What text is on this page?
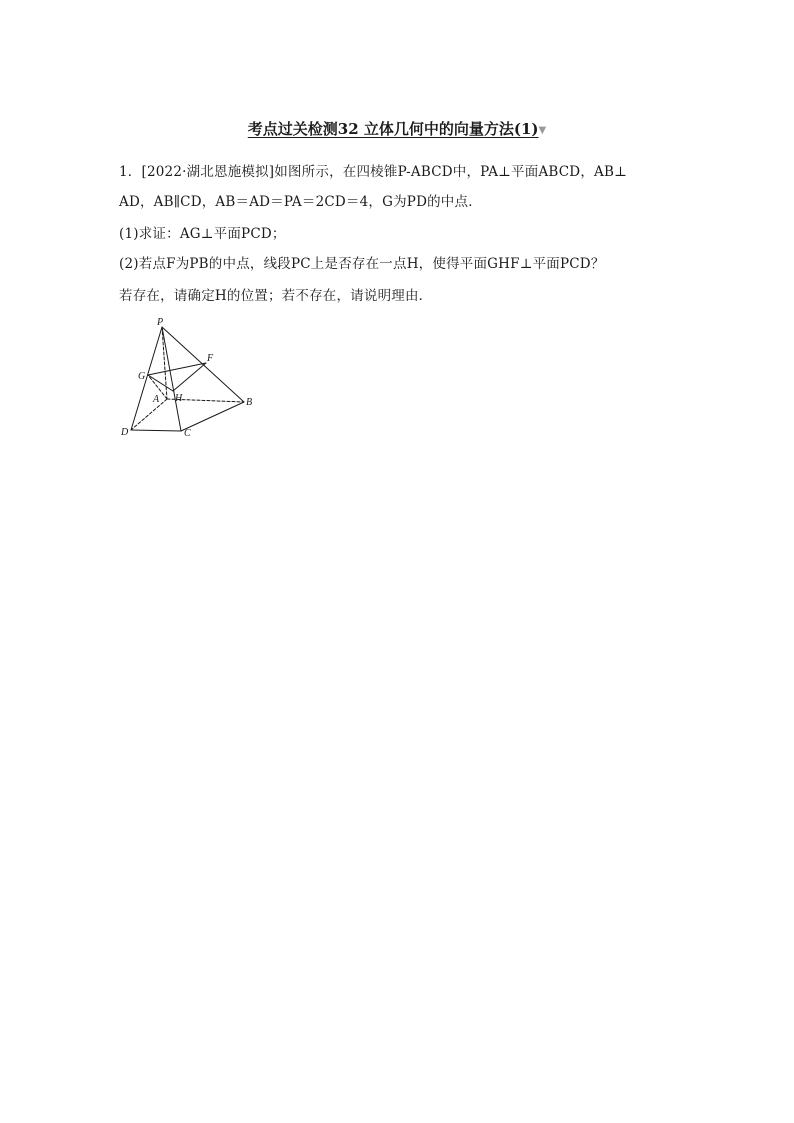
考点过关检测32 立体几何中的向量方法(1)▼
1．[2022·湖北恩施模拟]如图所示，在四棱锥P-ABCD中，PA⊥平面ABCD，AB⊥
AD，AB∥CD，AB＝AD＝PA＝2CD＝4，G为PD的中点．
(1)求证：AG⊥平面PCD；
(2)若点F为PB的中点，线段PC上是否存在一点H，使得平面GHF⊥平面PCD？
若存在，请确定H的位置；若不存在，请说明理由．
P
F
G
A H	B
D	C
